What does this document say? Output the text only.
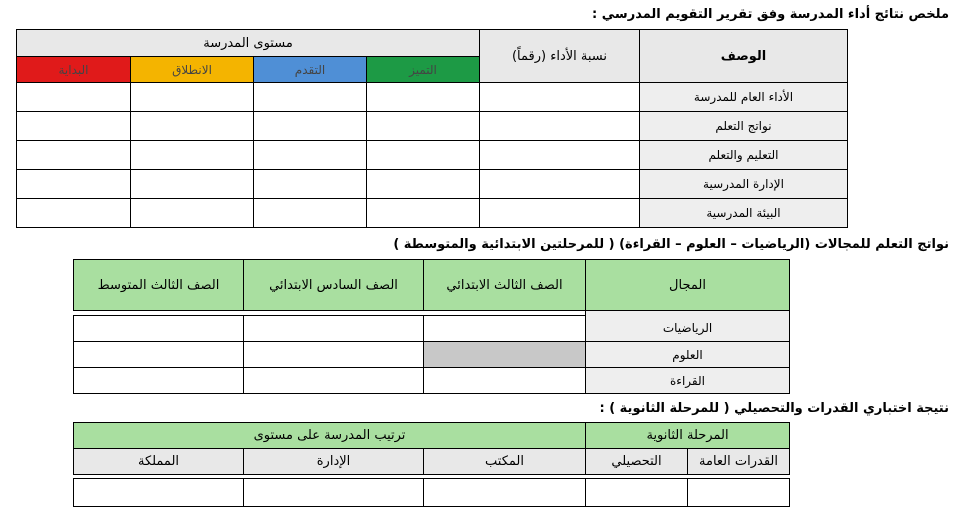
ملخص نتائج أداء المدرسة وفق تقرير التقويم المدرسي :
الوصف	نسبة الأداء (رقماً)	مستوى المدرسة			
		التميز	التقدم	الانطلاق	البداية
الأداء العام للمدرسة					
نواتج التعلم					
التعليم والتعلم					
الإدارة المدرسية					
البيئة المدرسية					
نواتج التعلم للمجالات (الرياضيات – العلوم – القراءة) ( للمرحلتين الابتدائية والمتوسطة )
المجال	الصف الثالث الابتدائي	الصف السادس الابتدائي	الصف الثالث المتوسط

الرياضيات			
العلوم			
القراءة			
نتيجة اختباري القدرات والتحصيلي ( للمرحلة الثانوية ) :
المرحلة الثانوية		ترتيب المدرسة على مستوى		
القدرات العامة	التحصيلي	المكتب	الإدارة	المملكة
